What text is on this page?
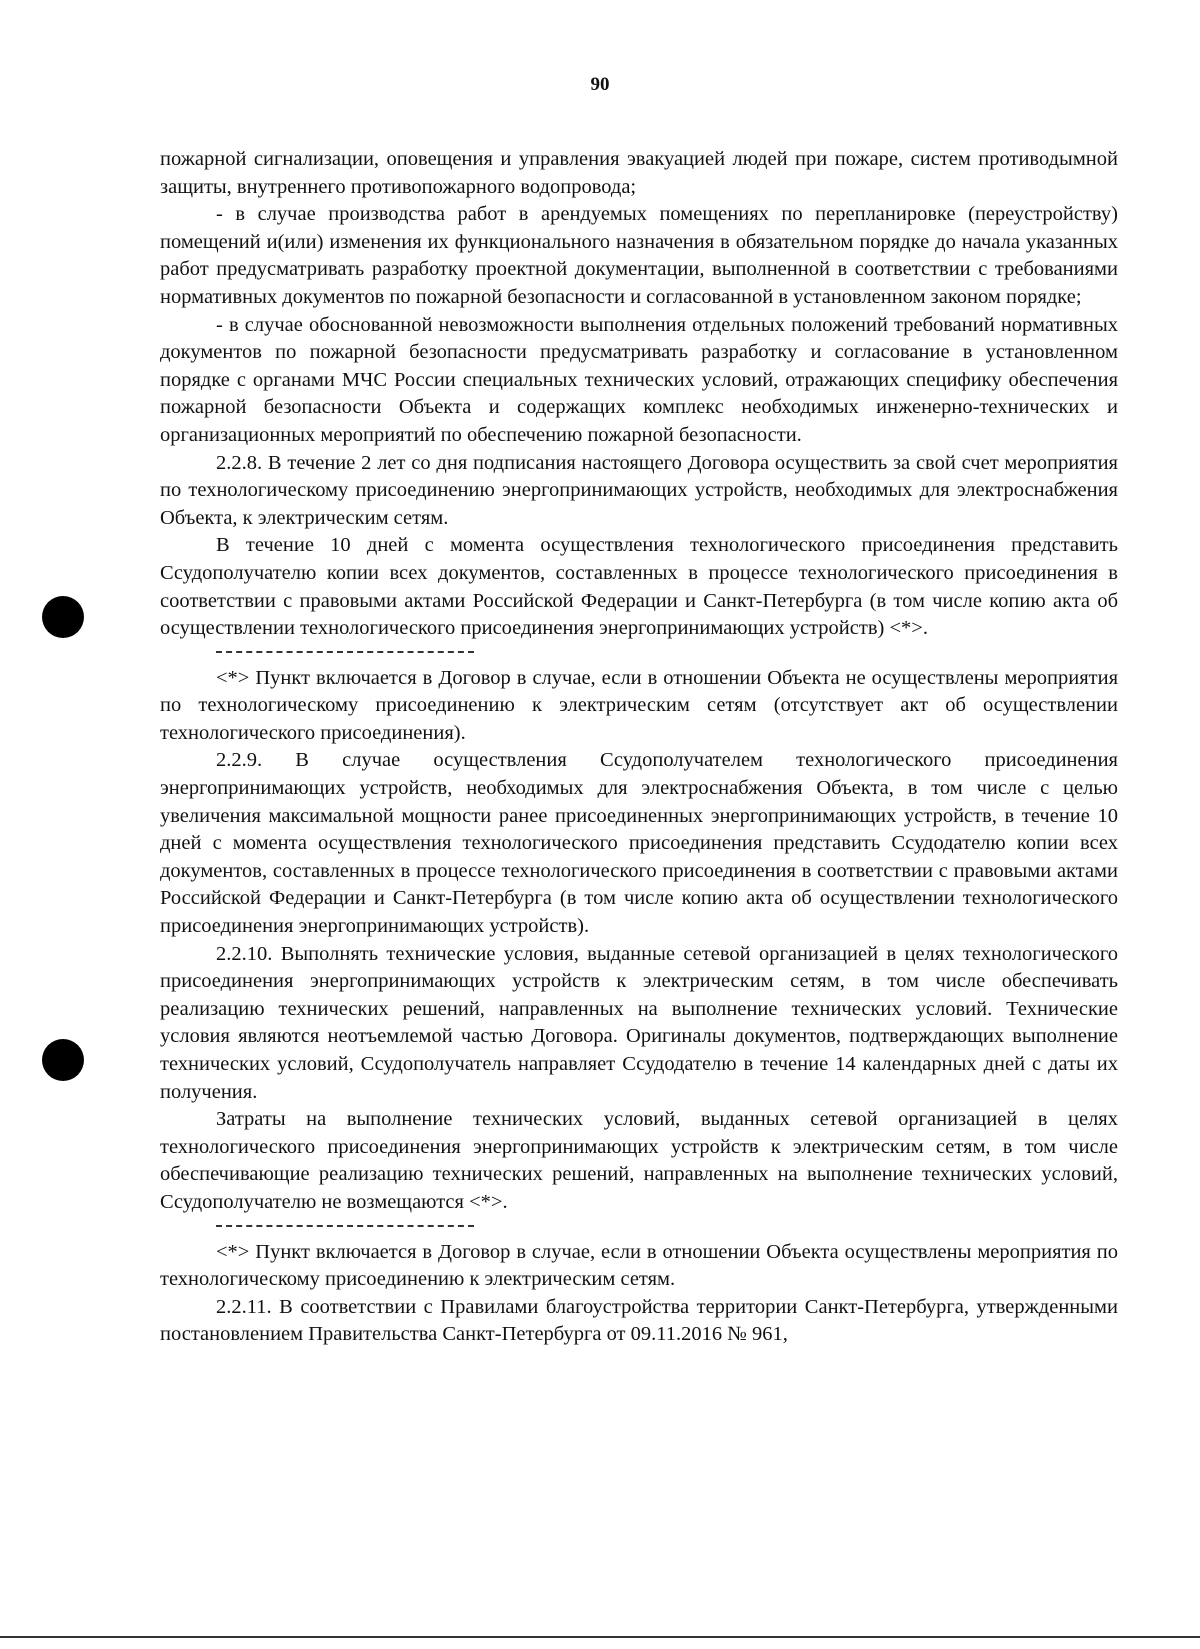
90

пожарной сигнализации, оповещения и управления эвакуацией людей при пожаре, систем противодымной защиты, внутреннего противопожарного водопровода;

- в случае производства работ в арендуемых помещениях по перепланировке (переустройству) помещений и(или) изменения их функционального назначения в обязательном порядке до начала указанных работ предусматривать разработку проектной документации, выполненной в соответствии с требованиями нормативных документов по пожарной безопасности и согласованной в установленном законом порядке;

- в случае обоснованной невозможности выполнения отдельных положений требований нормативных документов по пожарной безопасности предусматривать разработку и согласование в установленном порядке с органами МЧС России специальных технических условий, отражающих специфику обеспечения пожарной безопасности Объекта и содержащих комплекс необходимых инженерно-технических и организационных мероприятий по обеспечению пожарной безопасности.

2.2.8. В течение 2 лет со дня подписания настоящего Договора осуществить за свой счет мероприятия по технологическому присоединению энергопринимающих устройств, необходимых для электроснабжения Объекта, к электрическим сетям.

В течение 10 дней с момента осуществления технологического присоединения представить Ссудополучателю копии всех документов, составленных в процессе технологического присоединения в соответствии с правовыми актами Российской Федерации и Санкт-Петербурга (в том числе копию акта об осуществлении технологического присоединения энергопринимающих устройств) <*>.

<*> Пункт включается в Договор в случае, если в отношении Объекта не осуществлены мероприятия по технологическому присоединению к электрическим сетям (отсутствует акт об осуществлении технологического присоединения).

2.2.9. В случае осуществления Ссудополучателем технологического присоединения энергопринимающих устройств, необходимых для электроснабжения Объекта, в том числе с целью увеличения максимальной мощности ранее присоединенных энергопринимающих устройств, в течение 10 дней с момента осуществления технологического присоединения представить Ссудодателю копии всех документов, составленных в процессе технологического присоединения в соответствии с правовыми актами Российской Федерации и Санкт-Петербурга (в том числе копию акта об осуществлении технологического присоединения энергопринимающих устройств).

2.2.10. Выполнять технические условия, выданные сетевой организацией в целях технологического присоединения энергопринимающих устройств к электрическим сетям, в том числе обеспечивать реализацию технических решений, направленных на выполнение технических условий. Технические условия являются неотъемлемой частью Договора. Оригиналы документов, подтверждающих выполнение технических условий, Ссудополучатель направляет Ссудодателю в течение 14 календарных дней с даты их получения.

Затраты на выполнение технических условий, выданных сетевой организацией в целях технологического присоединения энергопринимающих устройств к электрическим сетям, в том числе обеспечивающие реализацию технических решений, направленных на выполнение технических условий, Ссудополучателю не возмещаются <*>.

<*> Пункт включается в Договор в случае, если в отношении Объекта осуществлены мероприятия по технологическому присоединению к электрическим сетям.

2.2.11. В соответствии с Правилами благоустройства территории Санкт-Петербурга, утвержденными постановлением Правительства Санкт-Петербурга от 09.11.2016 № 961,
